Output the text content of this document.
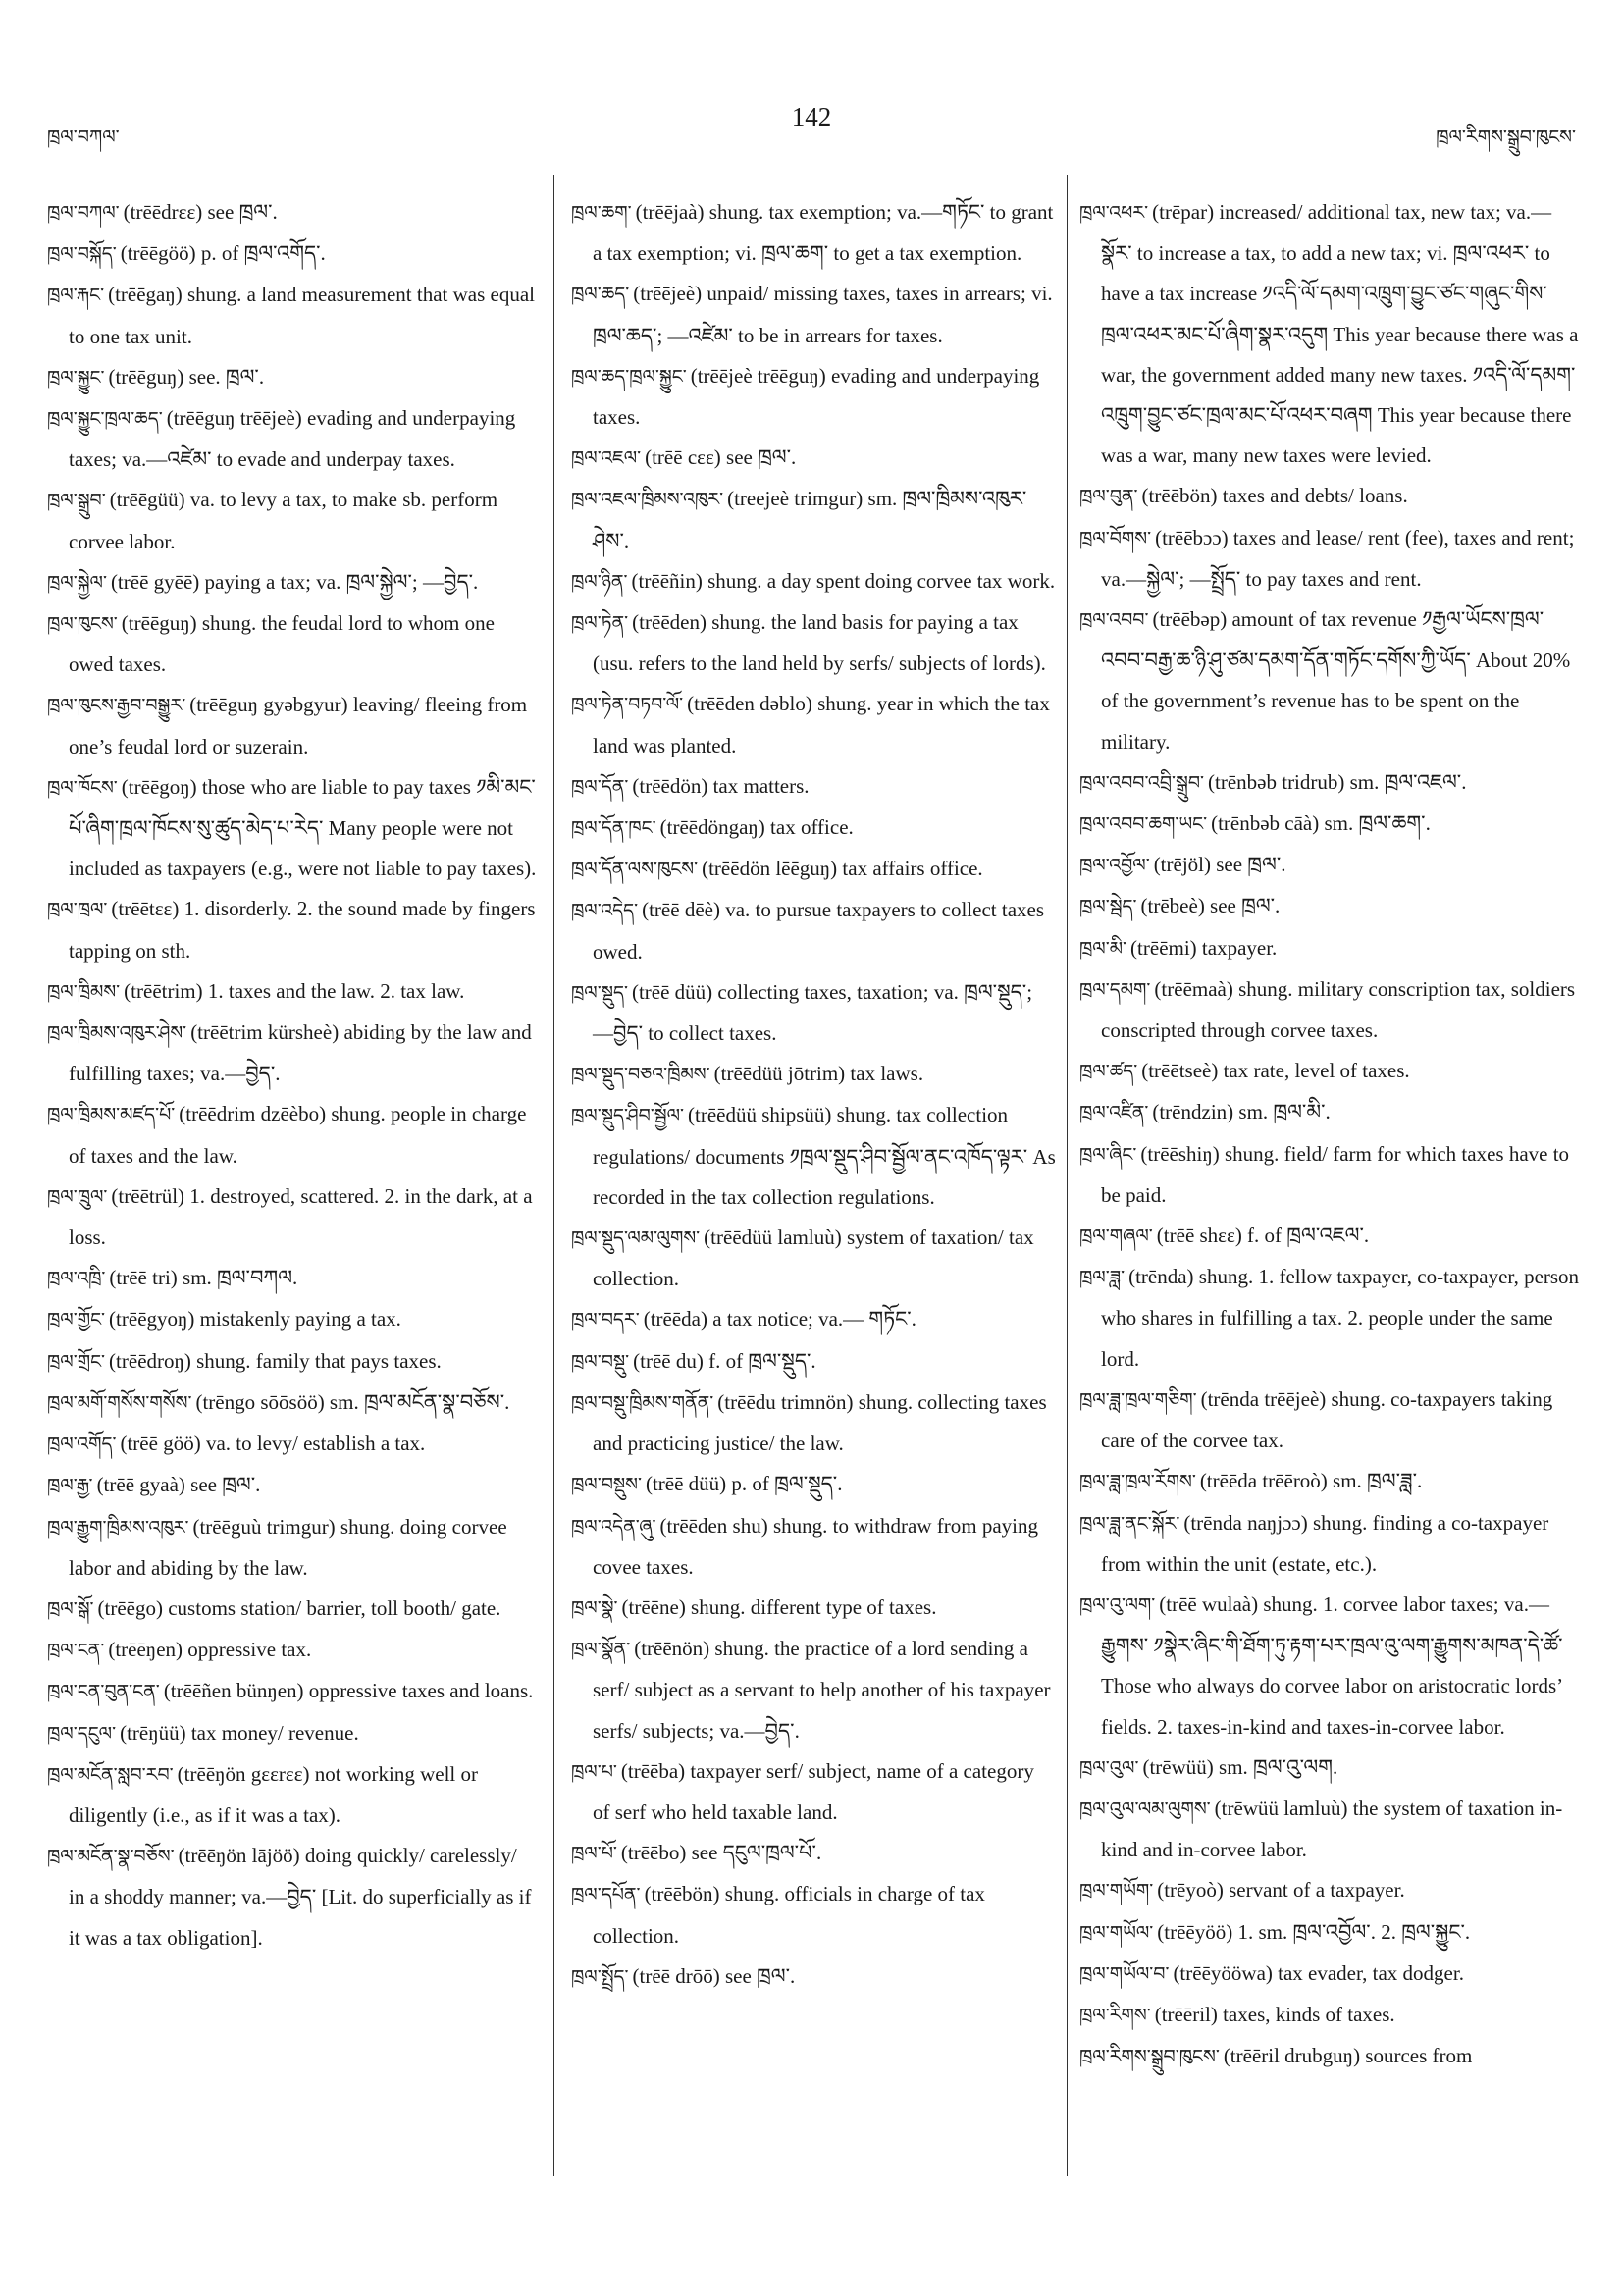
ཁྲལ་བཀལ་
142
ཁྲལ་རིགས་སྒྲུབ་ཁུངས་

ཁྲལ་བཀལ་ (trēēdrεε) see ཁྲལ་.

ཁྲལ་བསྐོད་ (trēēgöö) p. of ཁྲལ་འགོད་.

ཁྲལ་རྐང་ (trēēgaŋ) shung. a land measurement that was equal to one tax unit.

ཁྲལ་སྐྱུང་ (trēēguŋ) see. ཁྲལ་.

ཁྲལ་སྐྱུང་ཁྲལ་ཆད་ (trēēguŋ trēējeè) evading and underpaying taxes; va.—འཛེམ་ to evade and underpay taxes.

ཁྲལ་སྒྲུབ་ (trēēgüü) va. to levy a tax, to make sb. perform corvee labor.

ཁྲལ་སྐྱེལ་ (trēē gyēē) paying a tax; va. ཁྲལ་སྐྱེལ་; —བྱེད་.

ཁྲལ་ཁུངས་ (trēēguŋ) shung. the feudal lord to whom one owed taxes.

ཁྲལ་ཁུངས་རྒྱབ་བསྒྱུར་ (trēēguŋ gyəbgyur) leaving/ fleeing from one’s feudal lord or suzerain.

ཁྲལ་ཁོངས་ (trēēgoŋ) those who are liable to pay taxes ༡མི་མང་པོ་ཞིག་ཁྲལ་ཁོངས་སུ་ཚུད་མེད་པ་རེད་ Many people were not included as taxpayers (e.g., were not liable to pay taxes).

ཁྲལ་ཁྲལ་ (trēētεε) 1. disorderly. 2. the sound made by fingers tapping on sth.

ཁྲལ་ཁྲིམས་ (trēētrim) 1. taxes and the law. 2. tax law.

ཁྲལ་ཁྲིམས་འཁུར་ཤེས་ (trēētrim kürsheè) abiding by the law and fulfilling taxes; va.—བྱེད་.

ཁྲལ་ཁྲིམས་མཛད་པོ་ (trēēdrim dzēèbo) shung. people in charge of taxes and the law.

ཁྲལ་ཁྲུལ་ (trēētrül) 1. destroyed, scattered. 2. in the dark, at a loss.

ཁྲལ་འཁྲི་ (trēē tri) sm. ཁྲལ་བཀལ.

ཁྲལ་གྱོང་ (trēēgyoŋ) mistakenly paying a tax.

ཁྲལ་གྲོང་ (trēēdroŋ) shung. family that pays taxes.

ཁྲལ་མགོ་གསོས་གསོས་ (trēngo sōōsöö) sm. ཁྲལ་མངོན་སྣ་བཅོས་.

ཁྲལ་འགོད་ (trēē göö) va. to levy/ establish a tax.

ཁྲལ་རྒྱ་ (trēē gyaà) see ཁྲལ་.

ཁྲལ་རྒྱུག་ཁྲིམས་འཁུར་ (trēēguù trimgur) shung. doing corvee labor and abiding by the law.

ཁྲལ་སྒོ་ (trēēgo) customs station/ barrier, toll booth/ gate.

ཁྲལ་ངན་ (trēēŋen) oppressive tax.

ཁྲལ་ངན་བུན་ངན་ (trēēñen bünŋen) oppressive taxes and loans.

ཁྲལ་དངུལ་ (trēŋüü) tax money/ revenue.

ཁྲལ་མངོན་སླབ་རབ་ (trēēŋön gεεrεε) not working well or diligently (i.e., as if it was a tax).

ཁྲལ་མངོན་སྣ་བཅོས་ (trēēŋön lājöö) doing quickly/ carelessly/ in a shoddy manner; va.—བྱེད་ [Lit. do superficially as if it was a tax obligation].

ཁྲལ་ཆག་ (trēējaà) shung. tax exemption; va.—གཏོང་ to grant a tax exemption; vi. ཁྲལ་ཆག་ to get a tax exemption.

ཁྲལ་ཆད་ (trēējeè) unpaid/ missing taxes, taxes in arrears; vi. ཁྲལ་ཆད་; —འཛེམ་ to be in arrears for taxes.

ཁྲལ་ཆད་ཁྲལ་སྐྱུང་ (trēējeè trēēguŋ) evading and underpaying taxes.

ཁྲལ་འཇལ་ (trēē cεε) see ཁྲལ་.

ཁྲལ་འཇལ་ཁྲིམས་འཁུར་ (treejeè trimgur) sm. ཁྲལ་ཁྲིམས་འཁུར་ཤེས་.

ཁྲལ་ཉིན་ (trēēñin) shung. a day spent doing corvee tax work.

ཁྲལ་ཏེན་ (trēēden) shung. the land basis for paying a tax (usu. refers to the land held by serfs/ subjects of lords).

ཁྲལ་ཏེན་བཏབ་ལོ་ (trēēden dəblo) shung. year in which the tax land was planted.

ཁྲལ་དོན་ (trēēdön) tax matters.

ཁྲལ་དོན་ཁང་ (trēēdöngaŋ) tax office.

ཁྲལ་དོན་ལས་ཁུངས་ (trēēdön lēēguŋ) tax affairs office.

ཁྲལ་འདེད་ (trēē dēè) va. to pursue taxpayers to collect taxes owed.

ཁྲལ་སྡུད་ (trēē düü) collecting taxes, taxation; va. ཁྲལ་སྡུད་; —བྱེད་ to collect taxes.

ཁྲལ་སྡུད་བཅའ་ཁྲིམས་ (trēēdüü jōtrim) tax laws.

ཁྲལ་སྡུད་ཤིབ་སྦྱོལ་ (trēēdüü shipsüü) shung. tax collection regulations/ documents ༡ཁྲལ་སྡུད་ཤིབ་སྦྱོལ་ནང་འཁོད་ལྟར་ As recorded in the tax collection regulations.

ཁྲལ་སྡུད་ལམ་ལུགས་ (trēēdüü lamluù) system of taxation/ tax collection.

ཁྲལ་བདར་ (trēēda) a tax notice; va.— གཏོང་.

ཁྲལ་བསྡུ་ (trēē du) f. of ཁྲལ་སྡུད་.

ཁྲལ་བསྡུ་ཁྲིམས་གནོན་ (trēēdu trimnön) shung. collecting taxes and practicing justice/ the law.

ཁྲལ་བསྡུས་ (trēē düü) p. of ཁྲལ་སྡུད་.

ཁྲལ་འདེན་ཞུ་ (trēēden shu) shung. to withdraw from paying covee taxes.

ཁྲལ་སྣེ་ (trēēne) shung. different type of taxes.

ཁྲལ་སྣོན་ (trēēnön) shung. the practice of a lord sending a serf/ subject as a servant to help another of his taxpayer serfs/ subjects; va.—བྱེད་.

ཁྲལ་པ་ (trēēba) taxpayer serf/ subject, name of a category of serf who held taxable land.

ཁྲལ་པོ་ (trēēbo) see དངུལ་ཁྲལ་པོ་.

ཁྲལ་དཔོན་ (trēēbön) shung. officials in charge of tax collection.

ཁྲལ་སྤྲོད་ (trēē drōō) see ཁྲལ་.

ཁྲལ་འཕར་ (trēpar) increased/ additional tax, new tax; va.—སྣོར་ to increase a tax, to add a new tax; vi. ཁྲལ་འཕར་ to have a tax increase ༡འདི་ལོ་དམག་འཁྲུག་བྱུང་ཙང་གཞུང་གིས་ཁྲལ་འཕར་མང་པོ་ཞིག་སྣར་འདུག This year because there was a war, the government added many new taxes. ༡འདི་ལོ་དམག་འཁྲུག་བྱུང་ཙང་ཁྲལ་མང་པོ་འཕར་བཞག This year because there was a war, many new taxes were levied.

ཁྲལ་བུན་ (trēēbön) taxes and debts/ loans.

ཁྲལ་བོགས་ (trēēbɔɔ) taxes and lease/ rent (fee), taxes and rent; va.—སྐྱེལ་; —སྤྲོད་ to pay taxes and rent.

ཁྲལ་འབབ་ (trēēbəp) amount of tax revenue ༡རྒྱལ་ཡོངས་ཁྲལ་འབབ་བརྒྱ་ཆ་ཉི་ཤུ་ཙམ་དམག་དོན་གཏོང་དགོས་ཀྱི་ཡོད་ About 20% of the government’s revenue has to be spent on the military.

ཁྲལ་འབབ་འབྲི་སྒྲུབ་ (trēnbəb tridrub) sm. ཁྲལ་འཇལ་.

ཁྲལ་འབབ་ཆག་ཡང་ (trēnbəb cāà) sm. ཁྲལ་ཆག་.

ཁྲལ་འབྱོལ་ (trējöl) see ཁྲལ་.

ཁྲལ་སྦེད་ (trēbeè) see ཁྲལ་.

ཁྲལ་མི་ (trēēmi) taxpayer.

ཁྲལ་དམག་ (trēēmaà) shung. military conscription tax, soldiers conscripted through corvee taxes.

ཁྲལ་ཚད་ (trēētseè) tax rate, level of taxes.

ཁྲལ་འཛིན་ (trēndzin) sm. ཁྲལ་མི་.

ཁྲལ་ཞིང་ (trēēshiŋ) shung. field/ farm for which taxes have to be paid.

ཁྲལ་གཞལ་ (trēē shεε) f. of ཁྲལ་འཇལ་.

ཁྲལ་ཟླ་ (trēnda) shung. 1. fellow taxpayer, co-taxpayer, person who shares in fulfilling a tax. 2. people under the same lord.

ཁྲལ་ཟླ་ཁྲལ་གཅིག་ (trēnda trēējeè) shung. co-taxpayers taking care of the corvee tax.

ཁྲལ་ཟླ་ཁྲལ་རོགས་ (trēēda trēēroò) sm. ཁྲལ་ཟླ་.

ཁྲལ་ཟླ་ནང་སྐོར་ (trēnda naŋjɔɔ) shung. finding a co-taxpayer from within the unit (estate, etc.).

ཁྲལ་འུ་ལག་ (trēē wulaà) shung. 1. corvee labor taxes; va.—རྒྱུགས་ ༡སྣེར་ཞིང་གི་ཐོག་ཏུ་རྟག་པར་ཁྲལ་འུ་ལག་རྒྱུགས་མཁན་དེ་ཚོ་ Those who always do corvee labor on aristocratic lords’ fields. 2. taxes-in-kind and taxes-in-corvee labor.

ཁྲལ་འུལ་ (trēwüü) sm. ཁྲལ་འུ་ལག.

ཁྲལ་འུལ་ལམ་ལུགས་ (trēwüü lamluù) the system of taxation in-kind and in-corvee labor.

ཁྲལ་གཡོག་ (trēyoò) servant of a taxpayer.

ཁྲལ་གཡོལ་ (trēēyöö) 1. sm. ཁྲལ་འབྱོལ་. 2. ཁྲལ་སྐྱུང་.

ཁྲལ་གཡོལ་བ་ (trēēyööwa) tax evader, tax dodger.

ཁྲལ་རིགས་ (trēēril) taxes, kinds of taxes.

ཁྲལ་རིགས་སྒྲུབ་ཁུངས་ (trēēril drubguŋ) sources from
